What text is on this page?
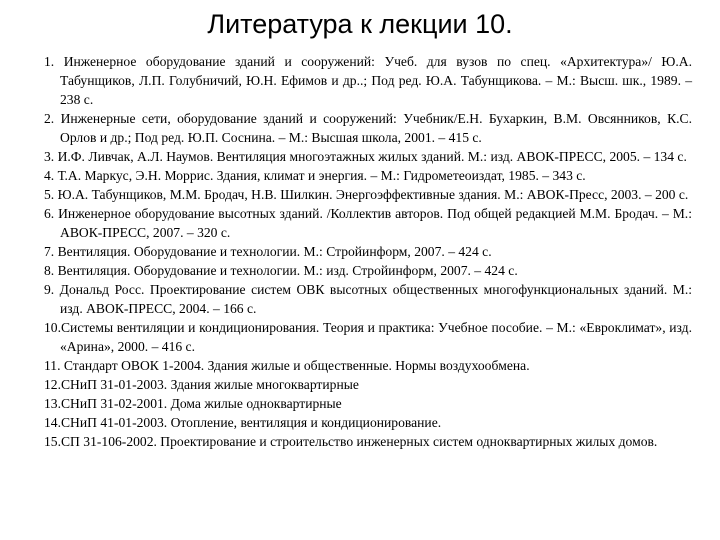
Литература к лекции 10.
1. Инженерное оборудование зданий и сооружений: Учеб. для вузов по спец. «Архитектура»/ Ю.А. Табунщиков, Л.П. Голубничий, Ю.Н. Ефимов и др..; Под ред. Ю.А. Табунщикова. – М.: Высш. шк., 1989. – 238 с.
2. Инженерные сети, оборудование зданий и сооружений: Учебник/Е.Н. Бухаркин, В.М. Овсянников, К.С. Орлов и др.; Под ред. Ю.П. Соснина. – М.: Высшая школа, 2001. – 415 с.
3. И.Ф. Ливчак, А.Л. Наумов. Вентиляция многоэтажных жилых зданий. М.: изд. АВОК-ПРЕСС, 2005. – 134 с.
4. Т.А. Маркус, Э.Н. Моррис. Здания, климат и энергия. – М.: Гидрометеоиздат, 1985. – 343 с.
5. Ю.А. Табунщиков, М.М. Бродач, Н.В. Шилкин. Энергоэффективные здания. М.: АВОК-Пресс, 2003. – 200 с.
6. Инженерное оборудование высотных зданий. /Коллектив авторов. Под общей редакцией М.М. Бродач. – М.: АВОК-ПРЕСС, 2007. – 320 с.
7. Вентиляция. Оборудование и технологии. М.: Стройинформ, 2007. – 424 с.
8. Вентиляция. Оборудование и технологии. М.: изд. Стройинформ, 2007. – 424 с.
9. Дональд Росс. Проектирование систем ОВК высотных общественных многофункциональных зданий. М.: изд. АВОК-ПРЕСС, 2004. – 166 с.
10.Системы вентиляции и кондиционирования. Теория и практика: Учебное пособие. – М.: «Евроклимат», изд. «Арина», 2000. – 416 с.
11. Стандарт ОВОК 1-2004. Здания жилые и общественные. Нормы воздухообмена.
12.СНиП 31-01-2003. Здания жилые многоквартирные
13.СНиП 31-02-2001. Дома жилые одноквартирные
14.СНиП 41-01-2003. Отопление, вентиляция и кондиционирование.
15.СП 31-106-2002. Проектирование и строительство инженерных систем одноквартирных жилых домов.
